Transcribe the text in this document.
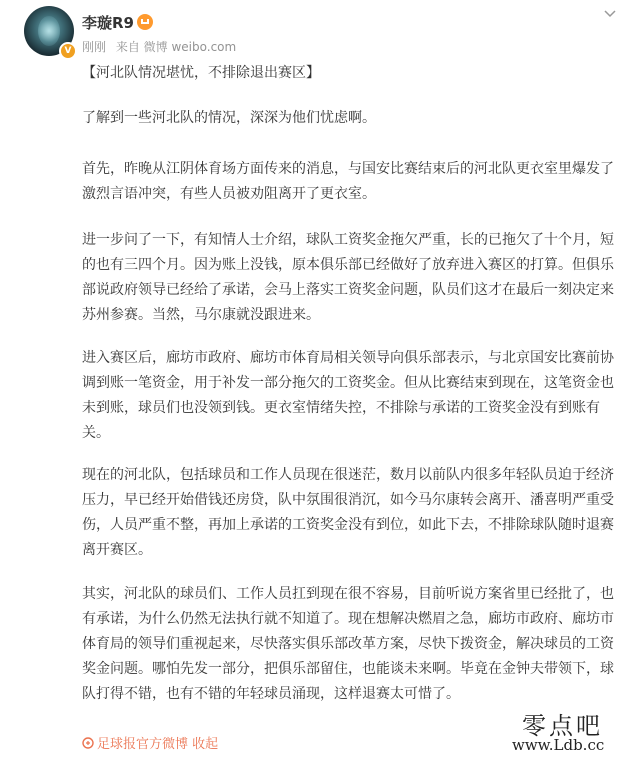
V
李璇R9
刚刚 来自 微博 weibo.com
【河北队情况堪忧，不排除退出赛区】
了解到一些河北队的情况，深深为他们忧虑啊。
首先，昨晚从江阴体育场方面传来的消息，与国安比赛结束后的河北队更衣室里爆发了激烈言语冲突，有些人员被劝阻离开了更衣室。
进一步问了一下，有知情人士介绍，球队工资奖金拖欠严重，长的已拖欠了十个月，短的也有三四个月。因为账上没钱，原本俱乐部已经做好了放弃进入赛区的打算。但俱乐部说政府领导已经给了承诺，会马上落实工资奖金问题，队员们这才在最后一刻决定来苏州参赛。当然，马尔康就没跟进来。
进入赛区后，廊坊市政府、廊坊市体育局相关领导向俱乐部表示，与北京国安比赛前协调到账一笔资金，用于补发一部分拖欠的工资奖金。但从比赛结束到现在，这笔资金也未到账，球员们也没领到钱。更衣室情绪失控，不排除与承诺的工资奖金没有到账有关。
现在的河北队，包括球员和工作人员现在很迷茫，数月以前队内很多年轻队员迫于经济压力，早已经开始借钱还房贷，队中氛围很消沉，如今马尔康转会离开、潘喜明严重受伤，人员严重不整，再加上承诺的工资奖金没有到位，如此下去，不排除球队随时退赛离开赛区。
其实，河北队的球员们、工作人员扛到现在很不容易，目前听说方案省里已经批了，也有承诺，为什么仍然无法执行就不知道了。现在想解决燃眉之急，廊坊市政府、廊坊市体育局的领导们重视起来，尽快落实俱乐部改革方案，尽快下拨资金，解决球员的工资奖金问题。哪怕先发一部分，把俱乐部留住，也能谈未来啊。毕竟在金钟夫带领下，球队打得不错，也有不错的年轻球员涌现，这样退赛太可惜了。
足球报官方微博 收起
零点吧
www.Ldb.cc
